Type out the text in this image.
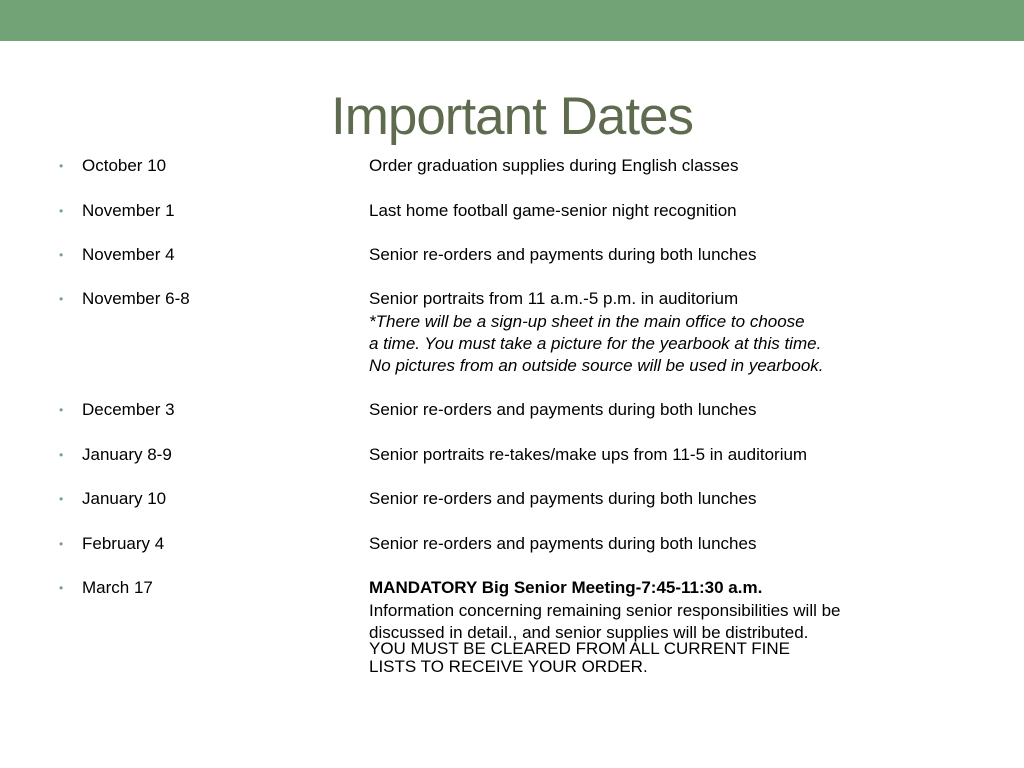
Important Dates
• October 10	Order graduation supplies during English classes
• November 1	Last home football game-senior night recognition
• November 4	Senior re-orders and payments during both lunches
• November 6-8	Senior portraits from 11 a.m.-5 p.m. in auditorium
*There will be a sign-up sheet in the main office to choose
a time. You must take a picture for the yearbook at this time.
No pictures from an outside source will be used in yearbook.
• December 3	Senior re-orders and payments during both lunches
• January 8-9	Senior portraits re-takes/make ups from 11-5 in auditorium
• January 10	Senior re-orders and payments during both lunches
• February 4	Senior re-orders and payments during both lunches
• March 17	MANDATORY Big Senior Meeting-7:45-11:30 a.m.
Information concerning remaining senior responsibilities will be
discussed in detail., and senior supplies will be distributed.
YOU MUST BE CLEARED FROM ALL CURRENT FINE
LISTS TO RECEIVE YOUR ORDER.
